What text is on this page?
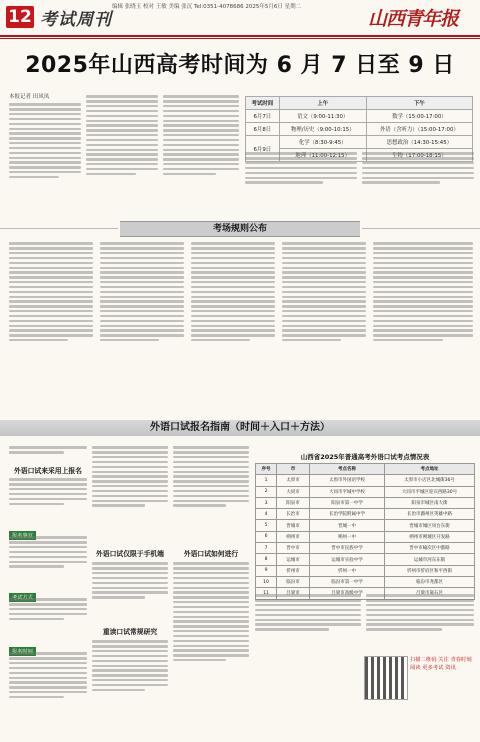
12 考试周刊
编辑 张晓玉 校对 王敏 美编 张沉 Tel:0351-4078686 2025年5月6日 星期二
山西青年报
2025年山西高考时间为 6 月 7 日至 9 日
本报记者 田凤凤
考试时间	上午	下午
6月7日	语文（9:00-11:30）	数学（15:00-17:00）
6月8日	物理/历史（9:00-10:15）	外语（含听力）（15:00-17:00）
6月9日	化学（8:30-9:45）	思想政治（14:30-15:45）
	地理（11:00-12:15）	生物（17:00-18:15）
考场规则公布
外语口试报名指南（时间＋入口＋方法）
外语口试来采用上报名
报名事宜
考试方式
报名时间
外语口试仅限于手机端
重读口试常规研究
外语口试如何进行
山西省2025年普通高考外语口试考点情况表
序号	市	考点名称	考点地址
1	太原市	太原市外国语学校	太原市小店区北城街36号
2	大同市	大同市平城中学校	大同市平城区迎宾西路30号
3	阳泉市	阳泉市第一中学	阳泉市城区南大街
4	长治市	长治学院附属中学	长治市潞州区英雄中路
5	晋城市	晋城一中	晋城市城区凤台东街
6	朔州市	朔州一中	朔州市朔城区开发路
7	晋中市	晋中市民族中学	晋中市榆次区中都路
8	运城市	运城市实验中学	运城市河东东街
9	忻州市	忻州一中	忻州市忻府区和平西街
10	临汾市	临汾市第一中学	临汾市尧都区
11	吕梁市	吕梁市高级中学	吕梁市离石区
扫描二维码 关注 青春时刻 阅读 更多考试 资讯
